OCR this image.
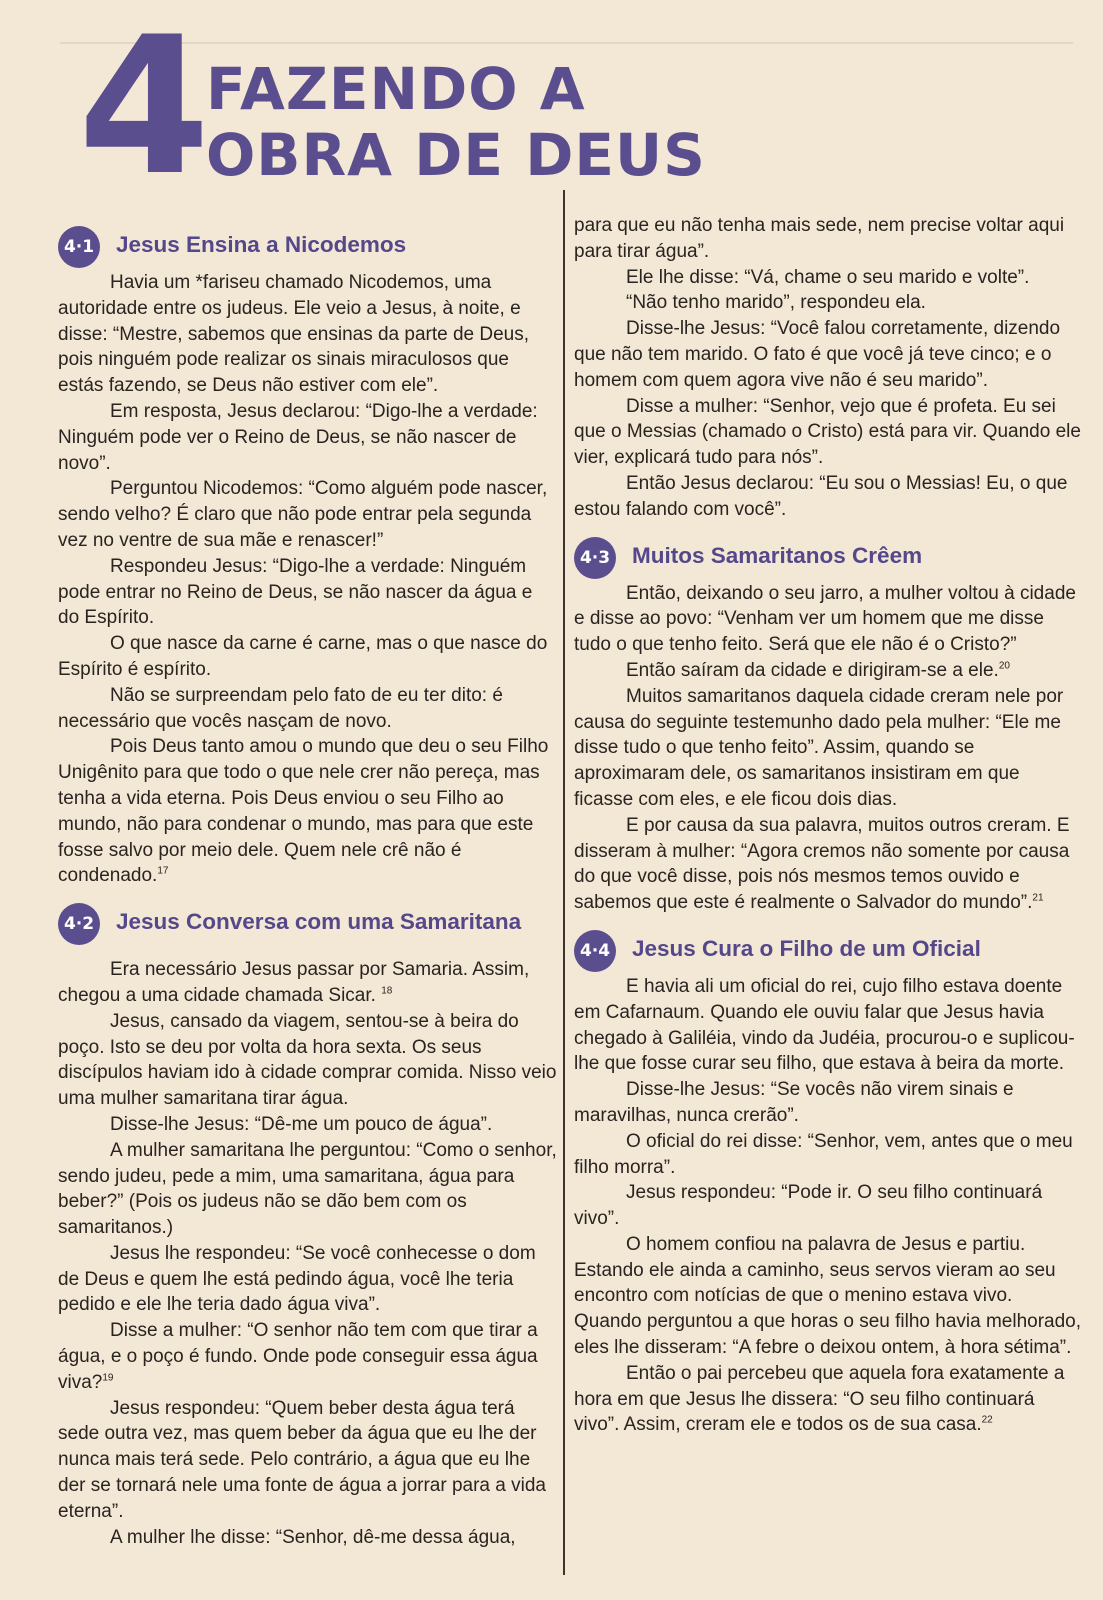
4 FAZENDO A
OBRA DE DEUS
4·1 Jesus Ensina a Nicodemos

Havia um *fariseu chamado Nicodemos, uma autoridade entre os judeus. Ele veio a Jesus, à noite, e disse: “Mestre, sabemos que ensinas da parte de Deus, pois ninguém pode realizar os sinais miraculosos que estás fazendo, se Deus não estiver com ele”.

Em resposta, Jesus declarou: “Digo-lhe a verdade: Ninguém pode ver o Reino de Deus, se não nascer de novo”.

Perguntou Nicodemos: “Como alguém pode nascer, sendo velho? É claro que não pode entrar pela segunda vez no ventre de sua mãe e renascer!”

Respondeu Jesus: “Digo-lhe a verdade: Ninguém pode entrar no Reino de Deus, se não nascer da água e do Espírito.

O que nasce da carne é carne, mas o que nasce do Espírito é espírito.

Não se surpreendam pelo fato de eu ter dito: é necessário que vocês nasçam de novo.

Pois Deus tanto amou o mundo que deu o seu Filho Unigênito para que todo o que nele crer não pereça, mas tenha a vida eterna. Pois Deus enviou o seu Filho ao mundo, não para condenar o mundo, mas para que este fosse salvo por meio dele. Quem nele crê não é condenado.$^{17}$

4·2 Jesus Conversa com uma Samaritana

Era necessário Jesus passar por Samaria. Assim, chegou a uma cidade chamada Sicar. $^{18}$

Jesus, cansado da viagem, sentou-se à beira do poço. Isto se deu por volta da hora sexta. Os seus discípulos haviam ido à cidade comprar comida. Nisso veio uma mulher samaritana tirar água.

Disse-lhe Jesus: “Dê-me um pouco de água”.

A mulher samaritana lhe perguntou: “Como o senhor, sendo judeu, pede a mim, uma samaritana, água para beber?” (Pois os judeus não se dão bem com os samaritanos.)

Jesus lhe respondeu: “Se você conhecesse o dom de Deus e quem lhe está pedindo água, você lhe teria pedido e ele lhe teria dado água viva”.

Disse a mulher: “O senhor não tem com que tirar a água, e o poço é fundo. Onde pode conseguir essa água viva?$^{19}$

Jesus respondeu: “Quem beber desta água terá sede outra vez, mas quem beber da água que eu lhe der nunca mais terá sede. Pelo contrário, a água que eu lhe der se tornará nele uma fonte de água a jorrar para a vida eterna”.

A mulher lhe disse: “Senhor, dê-me dessa água,

para que eu não tenha mais sede, nem precise voltar aqui para tirar água”.

Ele lhe disse: “Vá, chame o seu marido e volte”.

“Não tenho marido”, respondeu ela.

Disse-lhe Jesus: “Você falou corretamente, dizendo que não tem marido. O fato é que você já teve cinco; e o homem com quem agora vive não é seu marido”.

Disse a mulher: “Senhor, vejo que é profeta. Eu sei que o Messias (chamado o Cristo) está para vir. Quando ele vier, explicará tudo para nós”.

Então Jesus declarou: “Eu sou o Messias! Eu, o que estou falando com você”.

4·3 Muitos Samaritanos Crêem

Então, deixando o seu jarro, a mulher voltou à cidade e disse ao povo: “Venham ver um homem que me disse tudo o que tenho feito. Será que ele não é o Cristo?”

Então saíram da cidade e dirigiram-se a ele.$^{20}$

Muitos samaritanos daquela cidade creram nele por causa do seguinte testemunho dado pela mulher: “Ele me disse tudo o que tenho feito”. Assim, quando se aproximaram dele, os samaritanos insistiram em que ficasse com eles, e ele ficou dois dias.

E por causa da sua palavra, muitos outros creram. E disseram à mulher: “Agora cremos não somente por causa do que você disse, pois nós mesmos temos ouvido e sabemos que este é realmente o Salvador do mundo”.$^{21}$

4·4 Jesus Cura o Filho de um Oficial

E havia ali um oficial do rei, cujo filho estava doente em Cafarnaum. Quando ele ouviu falar que Jesus havia chegado à Galiléia, vindo da Judéia, procurou-o e suplicou-lhe que fosse curar seu filho, que estava à beira da morte.

Disse-lhe Jesus: “Se vocês não virem sinais e maravilhas, nunca crerão”.

O oficial do rei disse: “Senhor, vem, antes que o meu filho morra”.

Jesus respondeu: “Pode ir. O seu filho continuará vivo”.

O homem confiou na palavra de Jesus e partiu. Estando ele ainda a caminho, seus servos vieram ao seu encontro com notícias de que o menino estava vivo. Quando perguntou a que horas o seu filho havia melhorado, eles lhe disseram: “A febre o deixou ontem, à hora sétima”.

Então o pai percebeu que aquela fora exatamente a hora em que Jesus lhe dissera: “O seu filho continuará vivo”. Assim, creram ele e todos os de sua casa.$^{22}$
